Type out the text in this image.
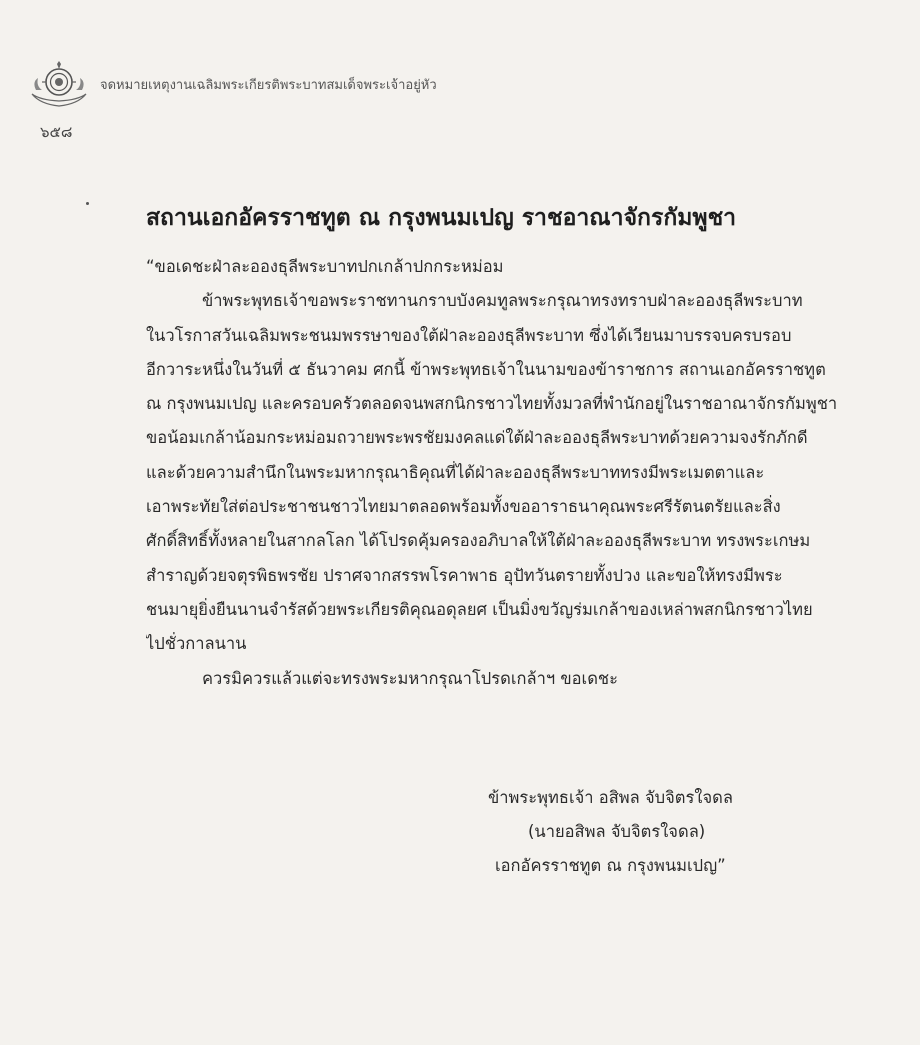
จดหมายเหตุงานเฉลิมพระเกียรติพระบาทสมเด็จพระเจ้าอยู่หัว
๖๕๘
สถานเอกอัครราชทูต ณ กรุงพนมเปญ ราชอาณาจักรกัมพูชา
“ขอเดชะฝ่าละอองธุลีพระบาทปกเกล้าปกกระหม่อม
ข้าพระพุทธเจ้าขอพระราชทานกราบบังคมทูลพระกรุณาทรงทราบฝ่าละอองธุลีพระบาท
ในวโรกาสวันเฉลิมพระชนมพรรษาของใต้ฝ่าละอองธุลีพระบาท ซึ่งได้เวียนมาบรรจบครบรอบ
อีกวาระหนึ่งในวันที่ ๕ ธันวาคม ศกนี้ ข้าพระพุทธเจ้าในนามของข้าราชการ สถานเอกอัครราชทูต
ณ กรุงพนมเปญ และครอบครัวตลอดจนพสกนิกรชาวไทยทั้งมวลที่พำนักอยู่ในราชอาณาจักรกัมพูชา
ขอน้อมเกล้าน้อมกระหม่อมถวายพระพรชัยมงคลแด่ใต้ฝ่าละอองธุลีพระบาทด้วยความจงรักภักดี
และด้วยความสำนึกในพระมหากรุณาธิคุณที่ได้ฝ่าละอองธุลีพระบาททรงมีพระเมตตาและ
เอาพระทัยใส่ต่อประชาชนชาวไทยมาตลอดพร้อมทั้งขออาราธนาคุณพระศรีรัตนตรัยและสิ่ง
ศักดิ์สิทธิ์ทั้งหลายในสากลโลก ได้โปรดคุ้มครองอภิบาลให้ใต้ฝ่าละอองธุลีพระบาท ทรงพระเกษม
สำราญด้วยจตุรพิธพรชัย ปราศจากสรรพโรคาพาธ อุปัทวันตรายทั้งปวง และขอให้ทรงมีพระ
ชนมายุยิ่งยืนนานจำรัสด้วยพระเกียรติคุณอดุลยศ เป็นมิ่งขวัญร่มเกล้าของเหล่าพสกนิกรชาวไทย
ไปชั่วกาลนาน
ควรมิควรแล้วแต่จะทรงพระมหากรุณาโปรดเกล้าฯ ขอเดชะ
ข้าพระพุทธเจ้า อสิพล จับจิตรใจดล
(นายอสิพล จับจิตรใจดล)
เอกอัครราชทูต ณ กรุงพนมเปญ”
